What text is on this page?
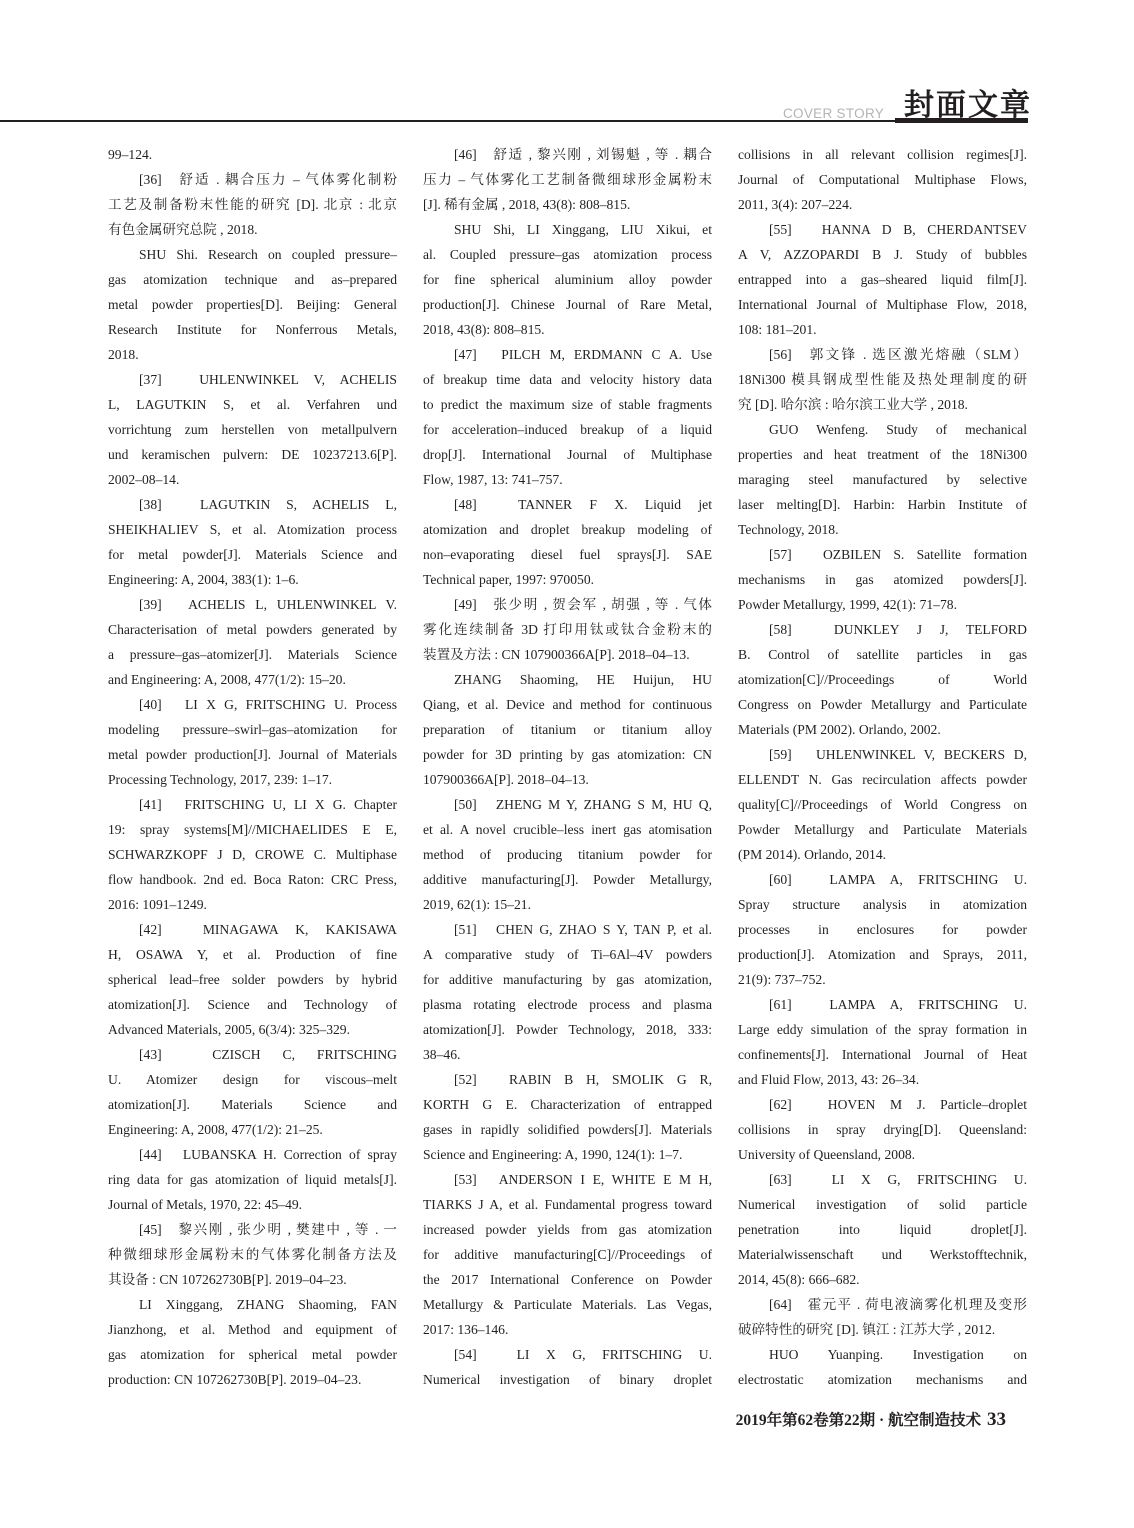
COVER STORY 封面文章
99–124.
[36]　舒适 . 耦合压力 – 气体雾化制粉
工艺及制备粉末性能的研究 [D]. 北京 : 北京
有色金属研究总院 , 2018.
SHU Shi. Research on coupled pressure–
gas atomization technique and as–prepared
metal powder properties[D]. Beijing: General
Research Institute for Nonferrous Metals,
2018.
[37]　UHLENWINKEL V, ACHELIS
L, LAGUTKIN S, et al. Verfahren und
vorrichtung zum herstellen von metallpulvern
und keramischen pulvern: DE 10237213.6[P].
2002–08–14.
[38]　LAGUTKIN S, ACHELIS L,
SHEIKHALIEV S, et al. Atomization process
for metal powder[J]. Materials Science and
Engineering: A, 2004, 383(1): 1–6.
[39]　ACHELIS L, UHLENWINKEL V.
Characterisation of metal powders generated by
a pressure–gas–atomizer[J]. Materials Science
and Engineering: A, 2008, 477(1/2): 15–20.
[40]　LI X G, FRITSCHING U. Process
modeling pressure–swirl–gas–atomization for
metal powder production[J]. Journal of Materials
Processing Technology, 2017, 239: 1–17.
[41]　FRITSCHING U, LI X G. Chapter
19: spray systems[M]//MICHAELIDES E E,
SCHWARZKOPF J D, CROWE C. Multiphase
flow handbook. 2nd ed. Boca Raton: CRC Press,
2016: 1091–1249.
[42]　MINAGAWA K, KAKISAWA
H, OSAWA Y, et al. Production of fine
spherical lead–free solder powders by hybrid
atomization[J]. Science and Technology of
Advanced Materials, 2005, 6(3/4): 325–329.
[43]　CZISCH C, FRITSCHING
U. Atomizer design for viscous–melt
atomization[J]. Materials Science and
Engineering: A, 2008, 477(1/2): 21–25.
[44]　LUBANSKA H. Correction of spray
ring data for gas atomization of liquid metals[J].
Journal of Metals, 1970, 22: 45–49.
[45]　黎兴刚 , 张少明 , 樊建中 , 等 . 一
种微细球形金属粉末的气体雾化制备方法及
其设备 : CN 107262730B[P]. 2019–04–23.
LI Xinggang, ZHANG Shaoming, FAN
Jianzhong, et al. Method and equipment of
gas atomization for spherical metal powder
production: CN 107262730B[P]. 2019–04–23.
[46]　舒适 , 黎兴刚 , 刘锡魁 , 等 . 耦合
压力 – 气体雾化工艺制备微细球形金属粉末
[J]. 稀有金属 , 2018, 43(8): 808–815.
SHU Shi, LI Xinggang, LIU Xikui, et
al. Coupled pressure–gas atomization process
for fine spherical aluminium alloy powder
production[J]. Chinese Journal of Rare Metal,
2018, 43(8): 808–815.
[47]　PILCH M, ERDMANN C A. Use
of breakup time data and velocity history data
to predict the maximum size of stable fragments
for acceleration–induced breakup of a liquid
drop[J]. International Journal of Multiphase
Flow, 1987, 13: 741–757.
[48]　TANNER F X. Liquid jet
atomization and droplet breakup modeling of
non–evaporating diesel fuel sprays[J]. SAE
Technical paper, 1997: 970050.
[49]　张少明 , 贺会军 , 胡强 , 等 . 气体
雾化连续制备 3D 打印用钛或钛合金粉末的
装置及方法 : CN 107900366A[P]. 2018–04–13.
ZHANG Shaoming, HE Huijun, HU
Qiang, et al. Device and method for continuous
preparation of titanium or titanium alloy
powder for 3D printing by gas atomization: CN
107900366A[P]. 2018–04–13.
[50]　ZHENG M Y, ZHANG S M, HU Q,
et al. A novel crucible–less inert gas atomisation
method of producing titanium powder for
additive manufacturing[J]. Powder Metallurgy,
2019, 62(1): 15–21.
[51]　CHEN G, ZHAO S Y, TAN P, et al.
A comparative study of Ti–6Al–4V powders
for additive manufacturing by gas atomization,
plasma rotating electrode process and plasma
atomization[J]. Powder Technology, 2018, 333:
38–46.
[52]　RABIN B H, SMOLIK G R,
KORTH G E. Characterization of entrapped
gases in rapidly solidified powders[J]. Materials
Science and Engineering: A, 1990, 124(1): 1–7.
[53]　ANDERSON I E, WHITE E M H,
TIARKS J A, et al. Fundamental progress toward
increased powder yields from gas atomization
for additive manufacturing[C]//Proceedings of
the 2017 International Conference on Powder
Metallurgy & Particulate Materials. Las Vegas,
2017: 136–146.
[54]　LI X G, FRITSCHING U.
Numerical investigation of binary droplet
collisions in all relevant collision regimes[J].
Journal of Computational Multiphase Flows,
2011, 3(4): 207–224.
[55]　HANNA D B, CHERDANTSEV
A V, AZZOPARDI B J. Study of bubbles
entrapped into a gas–sheared liquid film[J].
International Journal of Multiphase Flow, 2018,
108: 181–201.
[56]　郭文锋 . 选区激光熔融（SLM）
18Ni300 模具钢成型性能及热处理制度的研
究 [D]. 哈尔滨 : 哈尔滨工业大学 , 2018.
GUO Wenfeng. Study of mechanical
properties and heat treatment of the 18Ni300
maraging steel manufactured by selective
laser melting[D]. Harbin: Harbin Institute of
Technology, 2018.
[57]　OZBILEN S. Satellite formation
mechanisms in gas atomized powders[J].
Powder Metallurgy, 1999, 42(1): 71–78.
[58]　DUNKLEY J J, TELFORD
B. Control of satellite particles in gas
atomization[C]//Proceedings of World
Congress on Powder Metallurgy and Particulate
Materials (PM 2002). Orlando, 2002.
[59]　UHLENWINKEL V, BECKERS D,
ELLENDT N. Gas recirculation affects powder
quality[C]//Proceedings of World Congress on
Powder Metallurgy and Particulate Materials
(PM 2014). Orlando, 2014.
[60]　LAMPA A, FRITSCHING U.
Spray structure analysis in atomization
processes in enclosures for powder
production[J]. Atomization and Sprays, 2011,
21(9): 737–752.
[61]　LAMPA A, FRITSCHING U.
Large eddy simulation of the spray formation in
confinements[J]. International Journal of Heat
and Fluid Flow, 2013, 43: 26–34.
[62]　HOVEN M J. Particle–droplet
collisions in spray drying[D]. Queensland:
University of Queensland, 2008.
[63]　LI X G, FRITSCHING U.
Numerical investigation of solid particle
penetration into liquid droplet[J].
Materialwissenschaft und Werkstofftechnik,
2014, 45(8): 666–682.
[64]　霍元平 . 荷电液滴雾化机理及变形
破碎特性的研究 [D]. 镇江 : 江苏大学 , 2012.
HUO Yuanping. Investigation on
electrostatic atomization mechanisms and
2019年第62卷第22期 · 航空制造技术 33
